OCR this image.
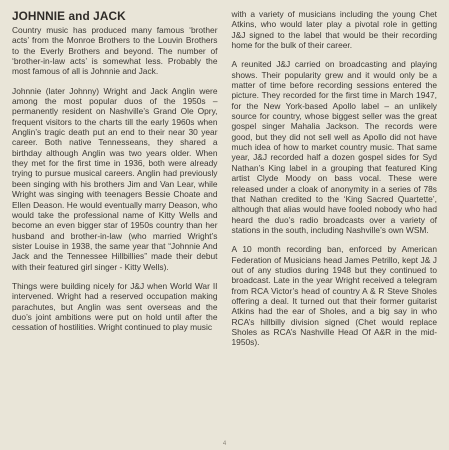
JOHNNIE and JACK

Country music has produced many famous ‘brother acts’ from the Monroe Brothers to the Louvin Brothers to the Everly Brothers and beyond. The number of ‘brother-in-law acts’ is somewhat less. Probably the most famous of all is Johnnie and Jack.

Johnnie (later Johnny) Wright and Jack Anglin were among the most popular duos of the 1950s – permanently resident on Nashville’s Grand Ole Opry, frequent visitors to the charts till the early 1960s when Anglin’s tragic death put an end to their near 30 year career. Both native Tennesseans, they shared a birthday although Anglin was two years older. When they met for the first time in 1936, both were already trying to pursue musical careers. Anglin had previously been singing with his brothers Jim and Van Lear, while Wright was singing with teenagers Bessie Choate and Ellen Deason. He would eventually marry Deason, who would take the professional name of Kitty Wells and become an even bigger star of 1950s country than her husband and brother-in-law (who married Wright’s sister Louise in 1938, the same year that “Johnnie And Jack and the Tennessee Hillbillies” made their debut with their featured girl singer - Kitty Wells).

Things were building nicely for J&J when World War II intervened. Wright had a reserved occupation making parachutes, but Anglin was sent overseas and the duo’s joint ambitions were put on hold until after the cessation of hostilities. Wright continued to play music

with a variety of musicians including the young Chet Atkins, who would later play a pivotal role in getting J&J signed to the label that would be their recording home for the bulk of their career.

A reunited J&J carried on broadcasting and playing shows. Their popularity grew and it would only be a matter of time before recording sessions entered the picture. They recorded for the first time in March 1947, for the New York-based Apollo label – an unlikely source for country, whose biggest seller was the great gospel singer Mahalia Jackson. The records were good, but they did not sell well as Apollo did not have much idea of how to market country music. That same year, J&J recorded half a dozen gospel sides for Syd Nathan’s King label in a grouping that featured King artist Clyde Moody on bass vocal. These were released under a cloak of anonymity in a series of 78s that Nathan credited to the ‘King Sacred Quartette’, although that alias would have fooled nobody who had heard the duo’s radio broadcasts over a variety of stations in the south, including Nashville’s own WSM.

A 10 month recording ban, enforced by American Federation of Musicians head James Petrillo, kept J& J out of any studios during 1948 but they continued to broadcast. Late in the year Wright received a telegram from RCA Victor’s head of country A & R Steve Sholes offering a deal. It turned out that their former guitarist Atkins had the ear of Sholes, and a big say in who RCA’s hillbilly division signed (Chet would replace Sholes as RCA’s Nashville Head Of A&R in the mid-1950s).

4
